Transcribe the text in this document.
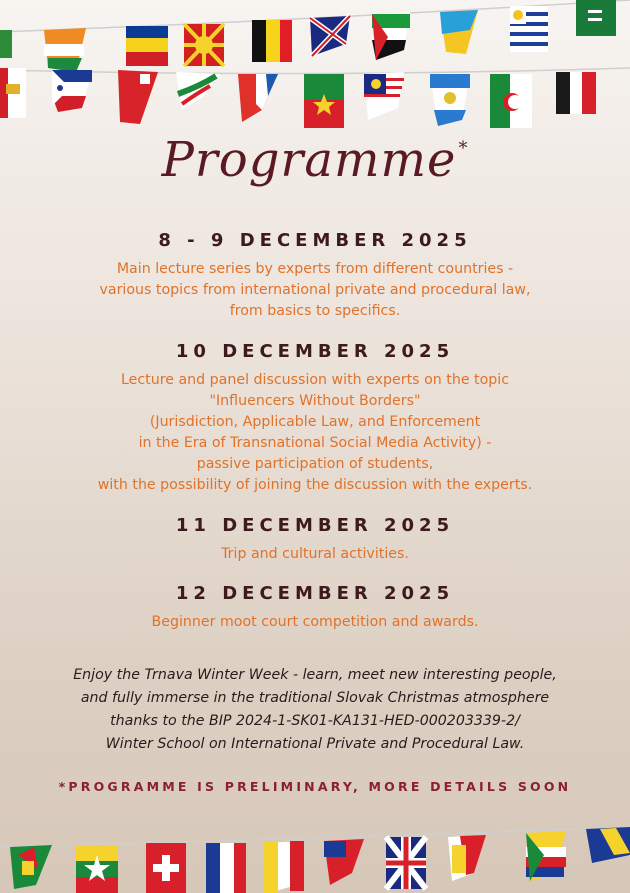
Programme *
8 - 9 DECEMBER 2025
Main lecture series by experts from different countries -
various topics from international private and procedural law,
from basics to specifics.
10 DECEMBER 2025
Lecture and panel discussion with experts on the topic
"Influencers Without Borders"
(Jurisdiction, Applicable Law, and Enforcement
in the Era of Transnational Social Media Activity) -
passive participation of students,
with the possibility of joining the discussion with the experts.
11 DECEMBER 2025
Trip and cultural activities.
12 DECEMBER 2025
Beginner moot court competition and awards.
Enjoy the Trnava Winter Week - learn, meet new interesting people,
and fully immerse in the traditional Slovak Christmas atmosphere
thanks to the BIP 2024-1-SK01-KA131-HED-000203339-2/
Winter School on International Private and Procedural Law.
*PROGRAMME IS PRELIMINARY, MORE DETAILS SOON
